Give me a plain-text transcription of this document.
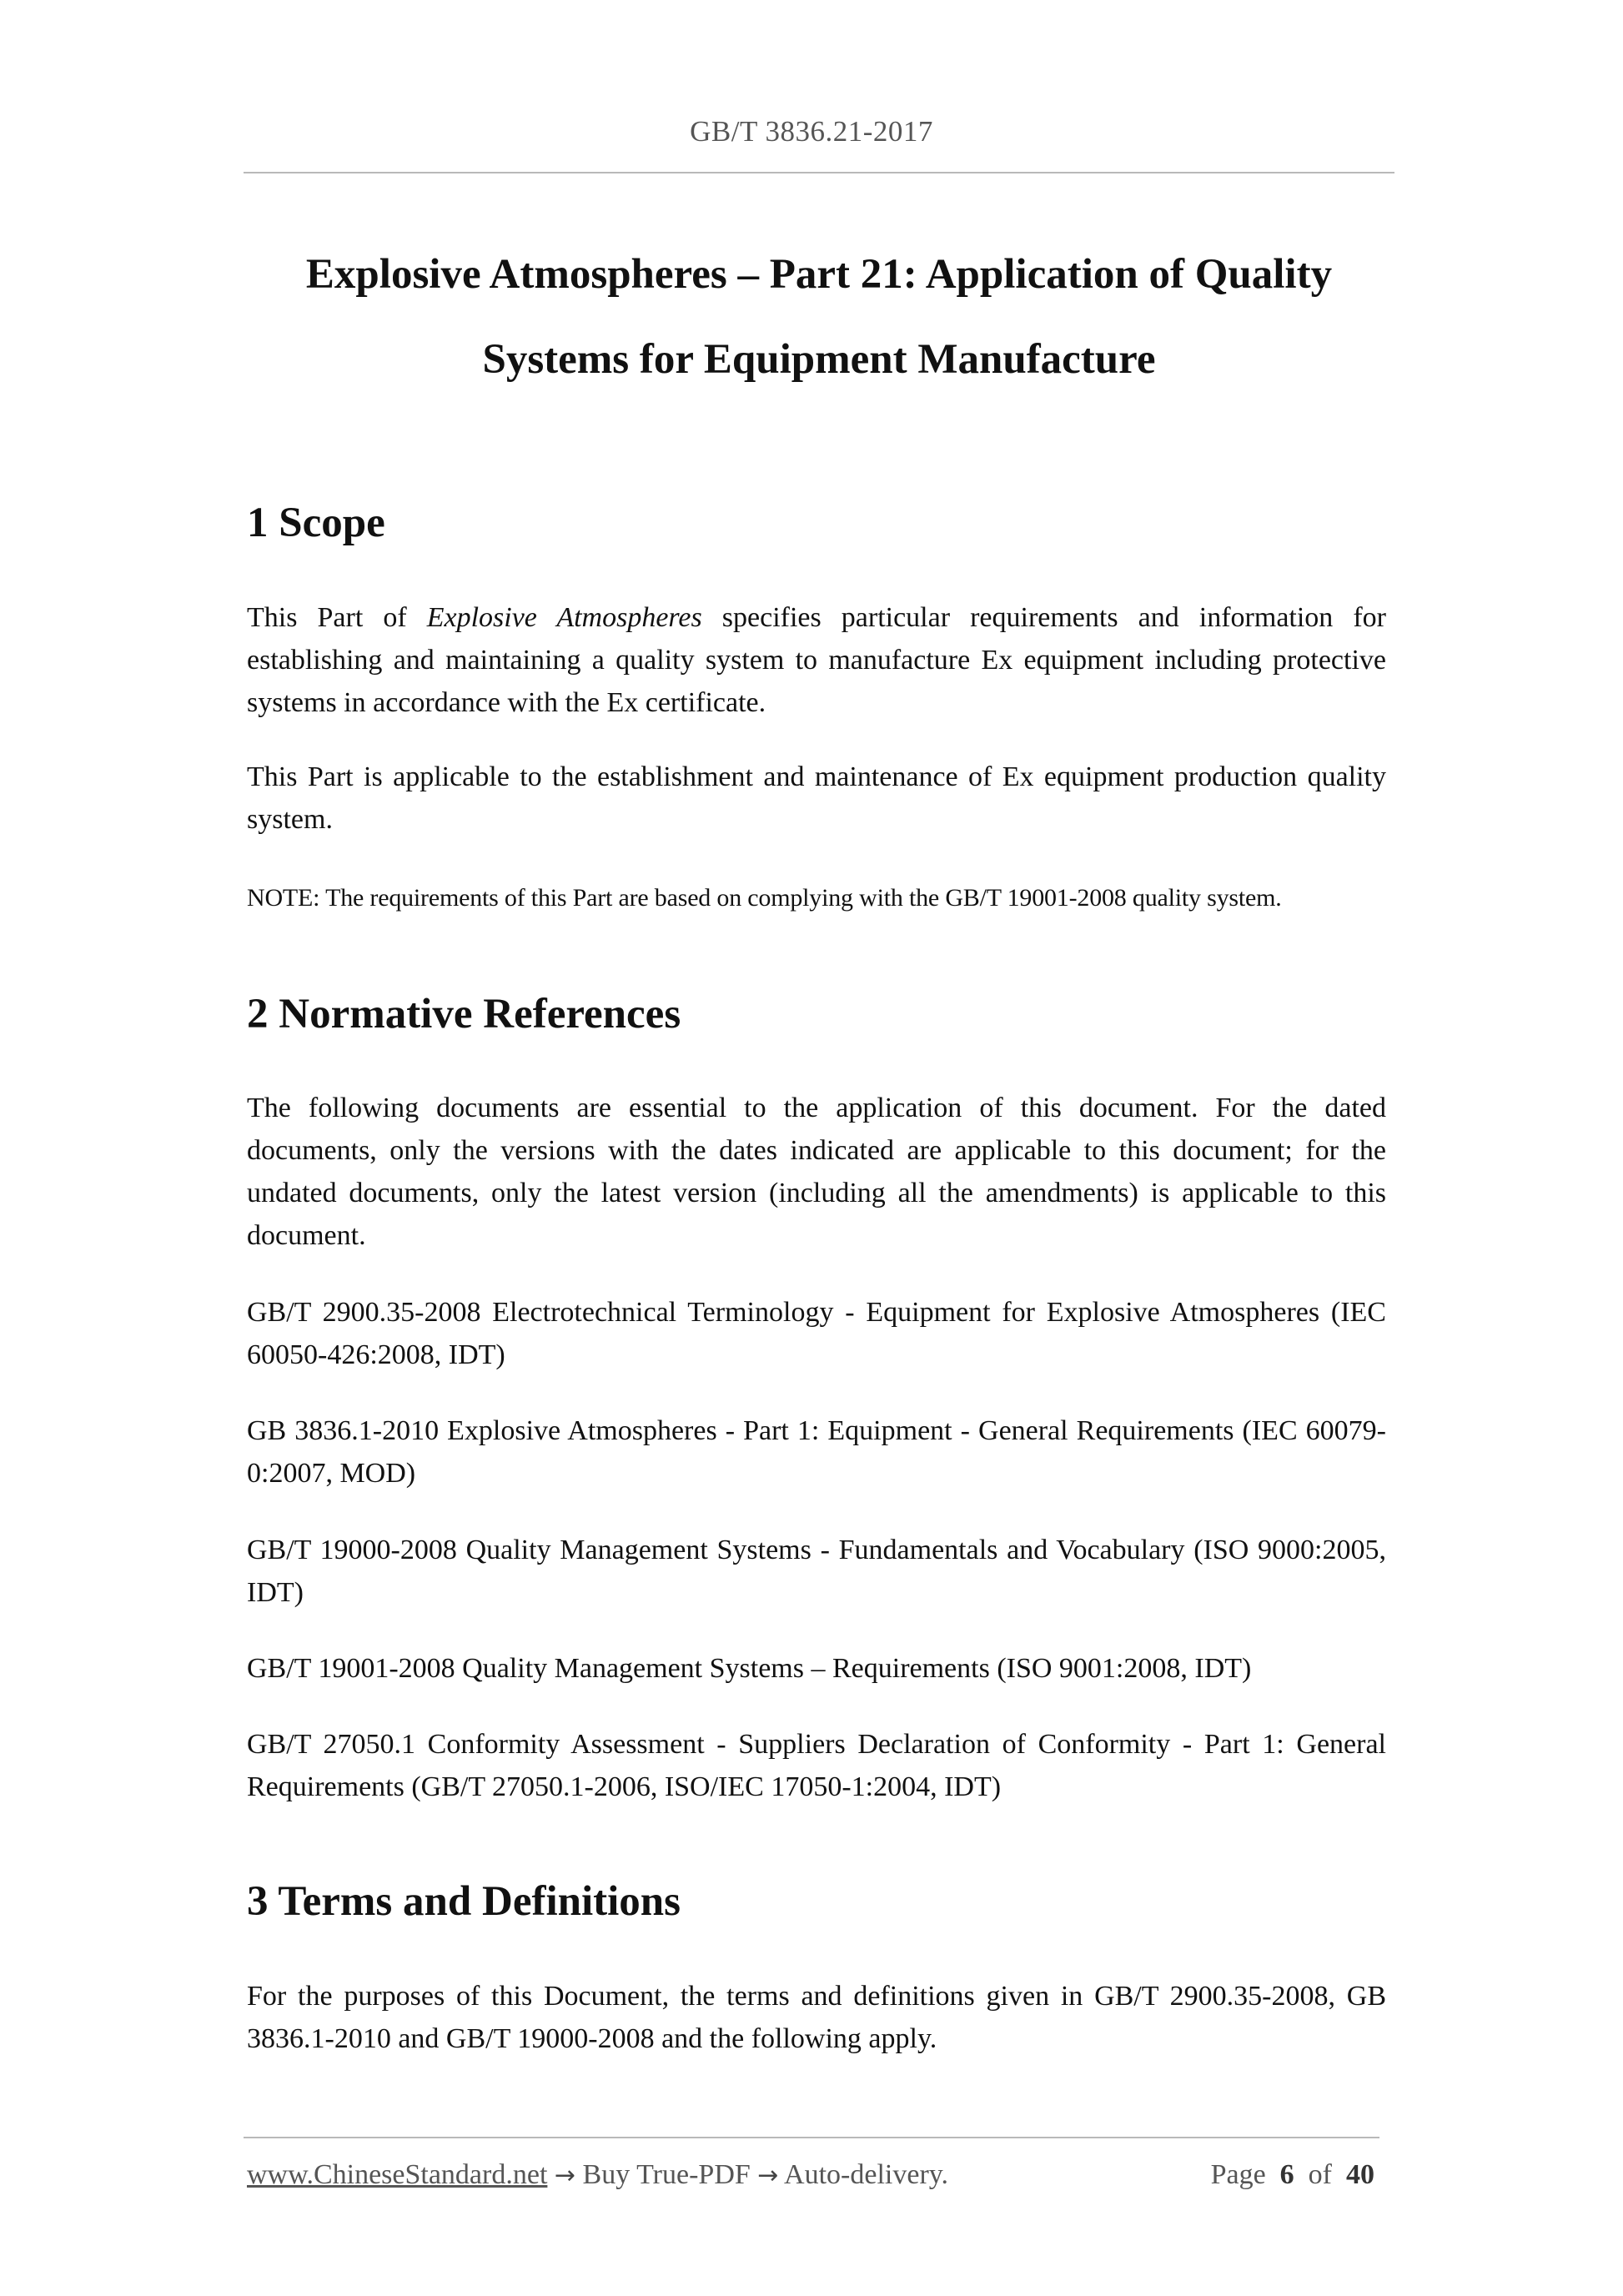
GB/T 3836.21-2017
Explosive Atmospheres – Part 21: Application of Quality
Systems for Equipment Manufacture
1 Scope

This Part of Explosive Atmospheres specifies particular requirements and information for establishing and maintaining a quality system to manufacture Ex equipment including protective systems in accordance with the Ex certificate.

This Part is applicable to the establishment and maintenance of Ex equipment production quality system.

NOTE: The requirements of this Part are based on complying with the GB/T 19001-2008 quality system.

2 Normative References

The following documents are essential to the application of this document. For the dated documents, only the versions with the dates indicated are applicable to this document; for the undated documents, only the latest version (including all the amendments) is applicable to this document.

GB/T 2900.35-2008 Electrotechnical Terminology - Equipment for Explosive Atmospheres (IEC 60050-426:2008, IDT)

GB 3836.1-2010 Explosive Atmospheres - Part 1: Equipment - General Requirements (IEC 60079-0:2007, MOD)

GB/T 19000-2008 Quality Management Systems - Fundamentals and Vocabulary (ISO 9000:2005, IDT)

GB/T 19001-2008 Quality Management Systems – Requirements (ISO 9001:2008, IDT)

GB/T 27050.1 Conformity Assessment - Suppliers Declaration of Conformity - Part 1: General Requirements (GB/T 27050.1-2006, ISO/IEC 17050-1:2004, IDT)

3 Terms and Definitions

For the purposes of this Document, the terms and definitions given in GB/T 2900.35-2008, GB 3836.1-2010 and GB/T 19000-2008 and the following apply.

www.ChineseStandard.net → Buy True-PDF → Auto-delivery.	Page 6 of 40
